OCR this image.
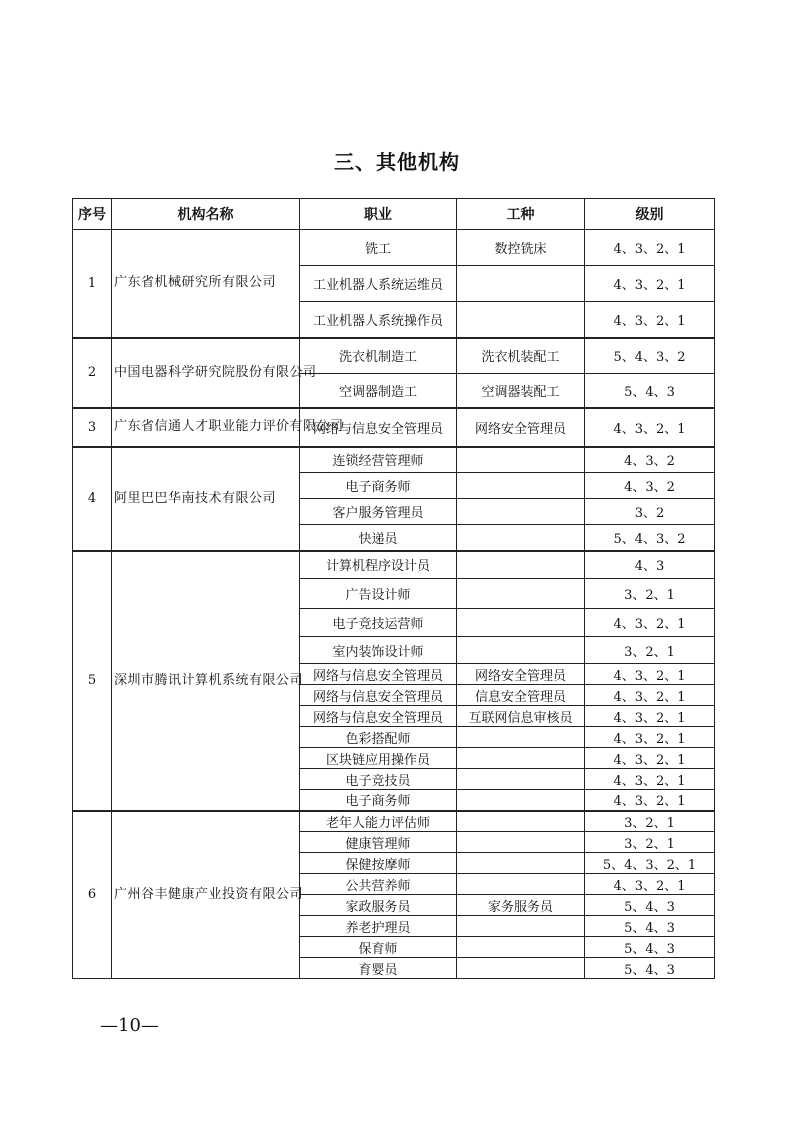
三、其他机构
序号	机构名称	职业	工种	级别
1	广东省机械研究所有限公司	铣工	数控铣床	4、3、2、1
		工业机器人系统运维员		4、3、2、1
		工业机器人系统操作员		4、3、2、1
2	中国电器科学研究院股份有限公司	洗衣机制造工	洗衣机装配工	5、4、3、2
		空调器制造工	空调器装配工	5、4、3
3	广东省信通人才职业能力评价有限公司	网络与信息安全管理员	网络安全管理员	4、3、2、1
4	阿里巴巴华南技术有限公司	连锁经营管理师		4、3、2
		电子商务师		4、3、2
		客户服务管理员		3、2
		快递员		5、4、3、2
5	深圳市腾讯计算机系统有限公司	计算机程序设计员		4、3
		广告设计师		3、2、1
		电子竞技运营师		4、3、2、1
		室内装饰设计师		3、2、1
		网络与信息安全管理员	网络安全管理员	4、3、2、1
		网络与信息安全管理员	信息安全管理员	4、3、2、1
		网络与信息安全管理员	互联网信息审核员	4、3、2、1
		色彩搭配师		4、3、2、1
		区块链应用操作员		4、3、2、1
		电子竞技员		4、3、2、1
		电子商务师		4、3、2、1
6	广州谷丰健康产业投资有限公司	老年人能力评估师		3、2、1
		健康管理师		3、2、1
		保健按摩师		5、4、3、2、1
		公共营养师		4、3、2、1
		家政服务员	家务服务员	5、4、3
		养老护理员		5、4、3
		保育师		5、4、3
		育婴员		5、4、3
—10—
